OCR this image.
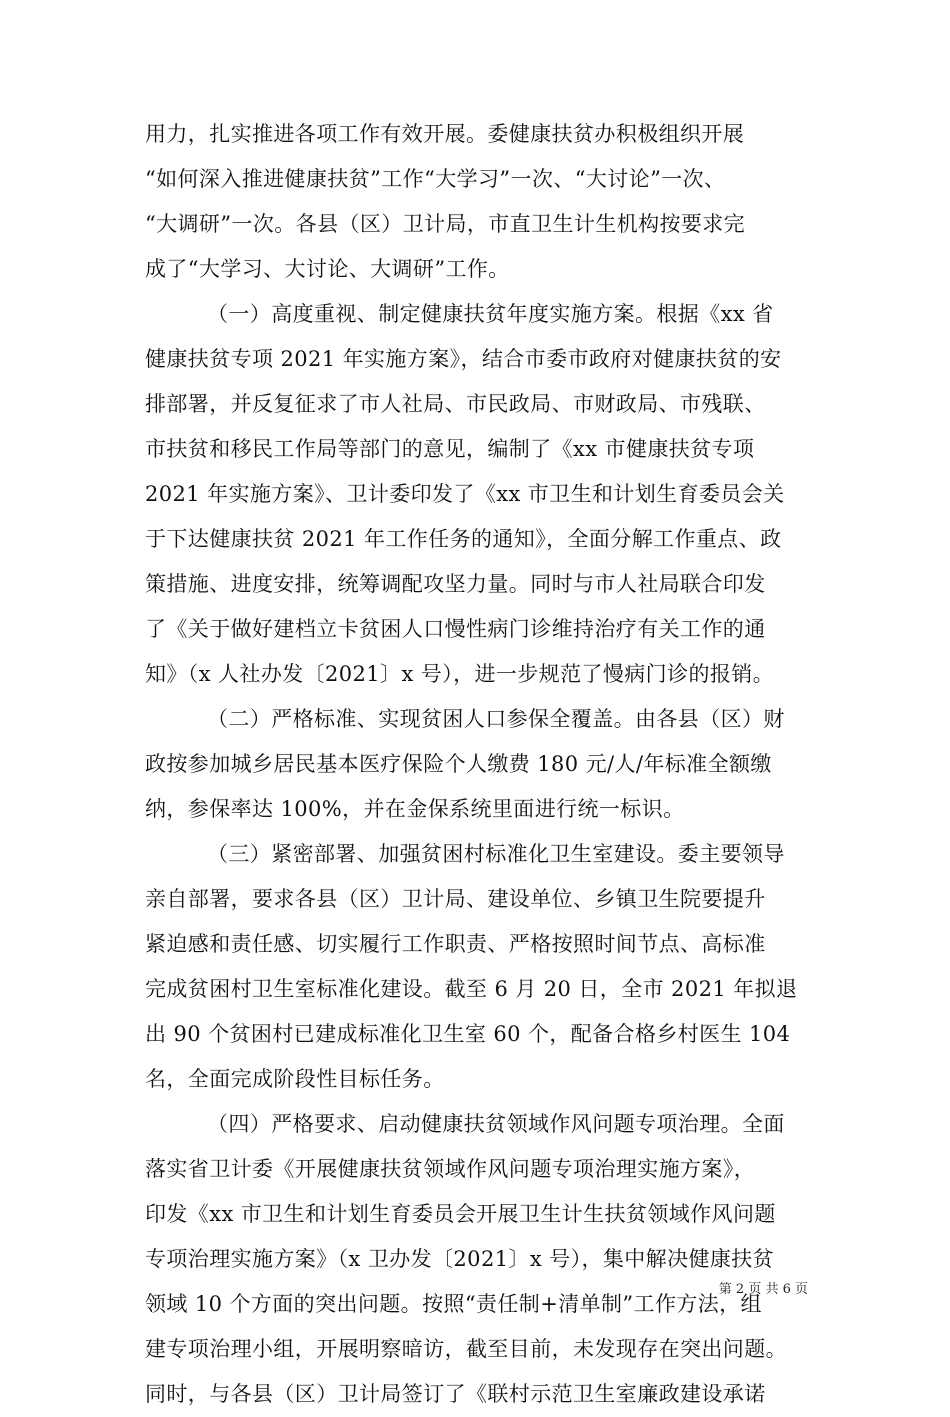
用力，扎实推进各项工作有效开展。委健康扶贫办积极组织开展
“如何深入推进健康扶贫”工作“大学习”一次、“大讨论”一次、
“大调研”一次。各县（区）卫计局，市直卫生计生机构按要求完
成了“大学习、大讨论、大调研”工作。
（一）高度重视、制定健康扶贫年度实施方案。根据《xx 省
健康扶贫专项 2021 年实施方案》，结合市委市政府对健康扶贫的安
排部署，并反复征求了市人社局、市民政局、市财政局、市残联、
市扶贫和移民工作局等部门的意见，编制了《xx 市健康扶贫专项
2021 年实施方案》、卫计委印发了《xx 市卫生和计划生育委员会关
于下达健康扶贫 2021 年工作任务的通知》，全面分解工作重点、政
策措施、进度安排，统筹调配攻坚力量。同时与市人社局联合印发
了《关于做好建档立卡贫困人口慢性病门诊维持治疗有关工作的通
知》（x 人社办发〔2021〕x 号），进一步规范了慢病门诊的报销。
（二）严格标准、实现贫困人口参保全覆盖。由各县（区）财
政按参加城乡居民基本医疗保险个人缴费 180 元/人/年标准全额缴
纳，参保率达 100%，并在金保系统里面进行统一标识。
（三）紧密部署、加强贫困村标准化卫生室建设。委主要领导
亲自部署，要求各县（区）卫计局、建设单位、乡镇卫生院要提升
紧迫感和责任感、切实履行工作职责、严格按照时间节点、高标准
完成贫困村卫生室标准化建设。截至 6 月 20 日，全市 2021 年拟退
出 90 个贫困村已建成标准化卫生室 60 个，配备合格乡村医生 104
名，全面完成阶段性目标任务。
（四）严格要求、启动健康扶贫领域作风问题专项治理。全面
落实省卫计委《开展健康扶贫领域作风问题专项治理实施方案》，
印发《xx 市卫生和计划生育委员会开展卫生计生扶贫领域作风问题
专项治理实施方案》（x 卫办发〔2021〕x 号），集中解决健康扶贫
领域 10 个方面的突出问题。按照“责任制+清单制”工作方法，组
建专项治理小组，开展明察暗访，截至目前，未发现存在突出问题。
同时，与各县（区）卫计局签订了《联村示范卫生室廉政建设承诺
第 2 页 共 6 页
